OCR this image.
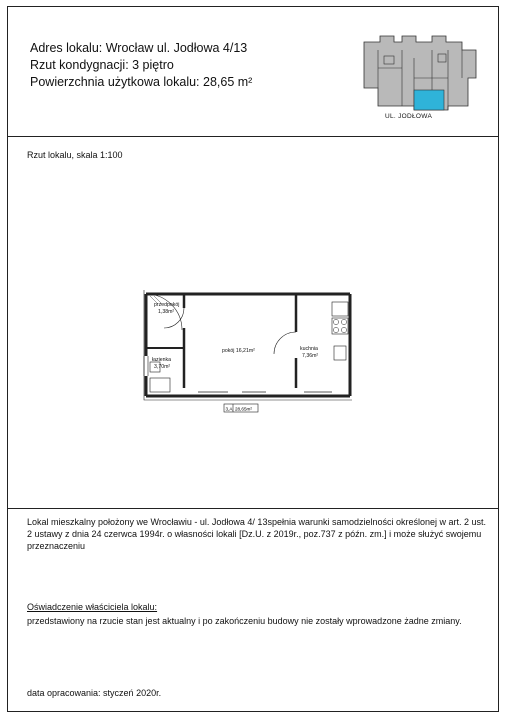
Adres lokalu: Wrocław ul. Jodłowa 4/13
Rzut kondygnacji: 3 piętro
Powierzchnia użytkowa lokalu: 28,65 m²
UL. JODŁOWA
Rzut lokalu, skala 1:100
przedpokój
1,38m²
łazienka
3,70m²
pokój 16,21m²	kuchnia
7,36m²
3,A 28,65m²
Lokal mieszkalny położony we Wrocławiu - ul. Jodłowa 4/ 13spełnia warunki samodzielności określonej w art. 2 ust. 2 ustawy z dnia 24 czerwca 1994r. o własności lokali [Dz.U. z 2019r., poz.737 z późn. zm.] i może służyć swojemu przeznaczeniu
Oświadczenie właściciela lokalu:
przedstawiony na rzucie stan jest aktualny i po zakończeniu budowy nie zostały wprowadzone żadne zmiany.
data opracowania: styczeń 2020r.
